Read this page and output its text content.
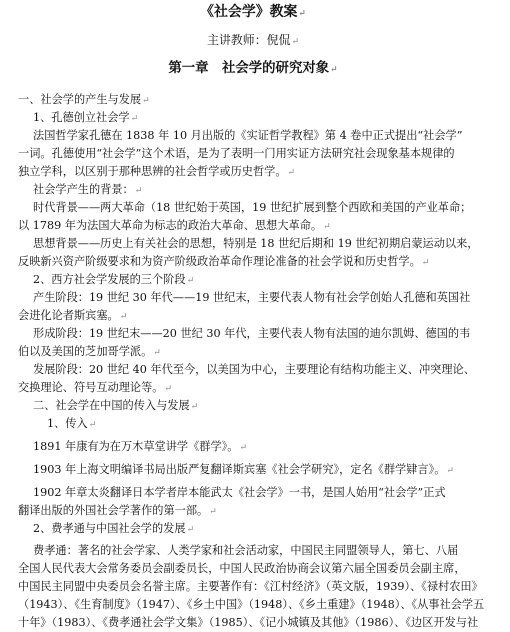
《社会学》教案↵
主讲教师：倪侃↵
第一章　社会学的研究对象↵
一、社会学的产生与发展↵
1、孔德创立社会学↵
法国哲学家孔德在 1838 年 10 月出版的《实证哲学教程》第 4 卷中正式提出“社会学”
一词。孔德使用“社会学”这个术语，是为了表明一门用实证方法研究社会现象基本规律的
独立学科，以区别于那种思辨的社会哲学或历史哲学。↵
社会学产生的背景：↵
时代背景——两大革命（18 世纪始于英国，19 世纪扩展到整个西欧和美国的产业革命；
以 1789 年为法国大革命为标志的政治大革命、思想大革命。↵
思想背景——历史上有关社会的思想，特别是 18 世纪后期和 19 世纪初期启蒙运动以来，
反映新兴资产阶级要求和为资产阶级政治革命作理论准备的社会学说和历史哲学。↵
2、西方社会学发展的三个阶段↵
产生阶段：19 世纪 30 年代——19 世纪末，主要代表人物有社会学创始人孔德和英国社
会进化论者斯宾塞。↵
形成阶段：19 世纪末——20 世纪 30 年代，主要代表人物有法国的迪尔凯姆、德国的韦
伯以及美国的芝加哥学派。↵
发展阶段：20 世纪 40 年代至今，以美国为中心，主要理论有结构功能主义、冲突理论、
交换理论、符号互动理论等。↵
二、社会学在中国的传入与发展↵
1、传入↵
1891 年康有为在万木草堂讲学《群学》。↵
1903 年上海文明编译书局出版严复翻译斯宾塞《社会学研究》，定名《群学肄言》。↵
1902 年章太炎翻译日本学者岸本能武太《社会学》一书，是国人始用“社会学”正式
翻译出版的外国社会学著作的第一部。↵
2、费孝通与中国社会学的发展↵
费孝通：著名的社会学家、人类学家和社会活动家，中国民主同盟领导人，第七、八届
全国人民代表大会常务委员会副委员长，中国人民政治协商会议第六届全国委员会副主席，
中国民主同盟中央委员会名誉主席。主要著作有：《江村经济》（英文版，1939）、《禄村农田》
（1943）、《生育制度》（1947）、《乡土中国》（1948）、《乡土重建》（1948）、《从事社会学五
十年》（1983）、《费孝通社会学文集》（1985）、《记小城镇及其他》（1986）、《边区开发与社
